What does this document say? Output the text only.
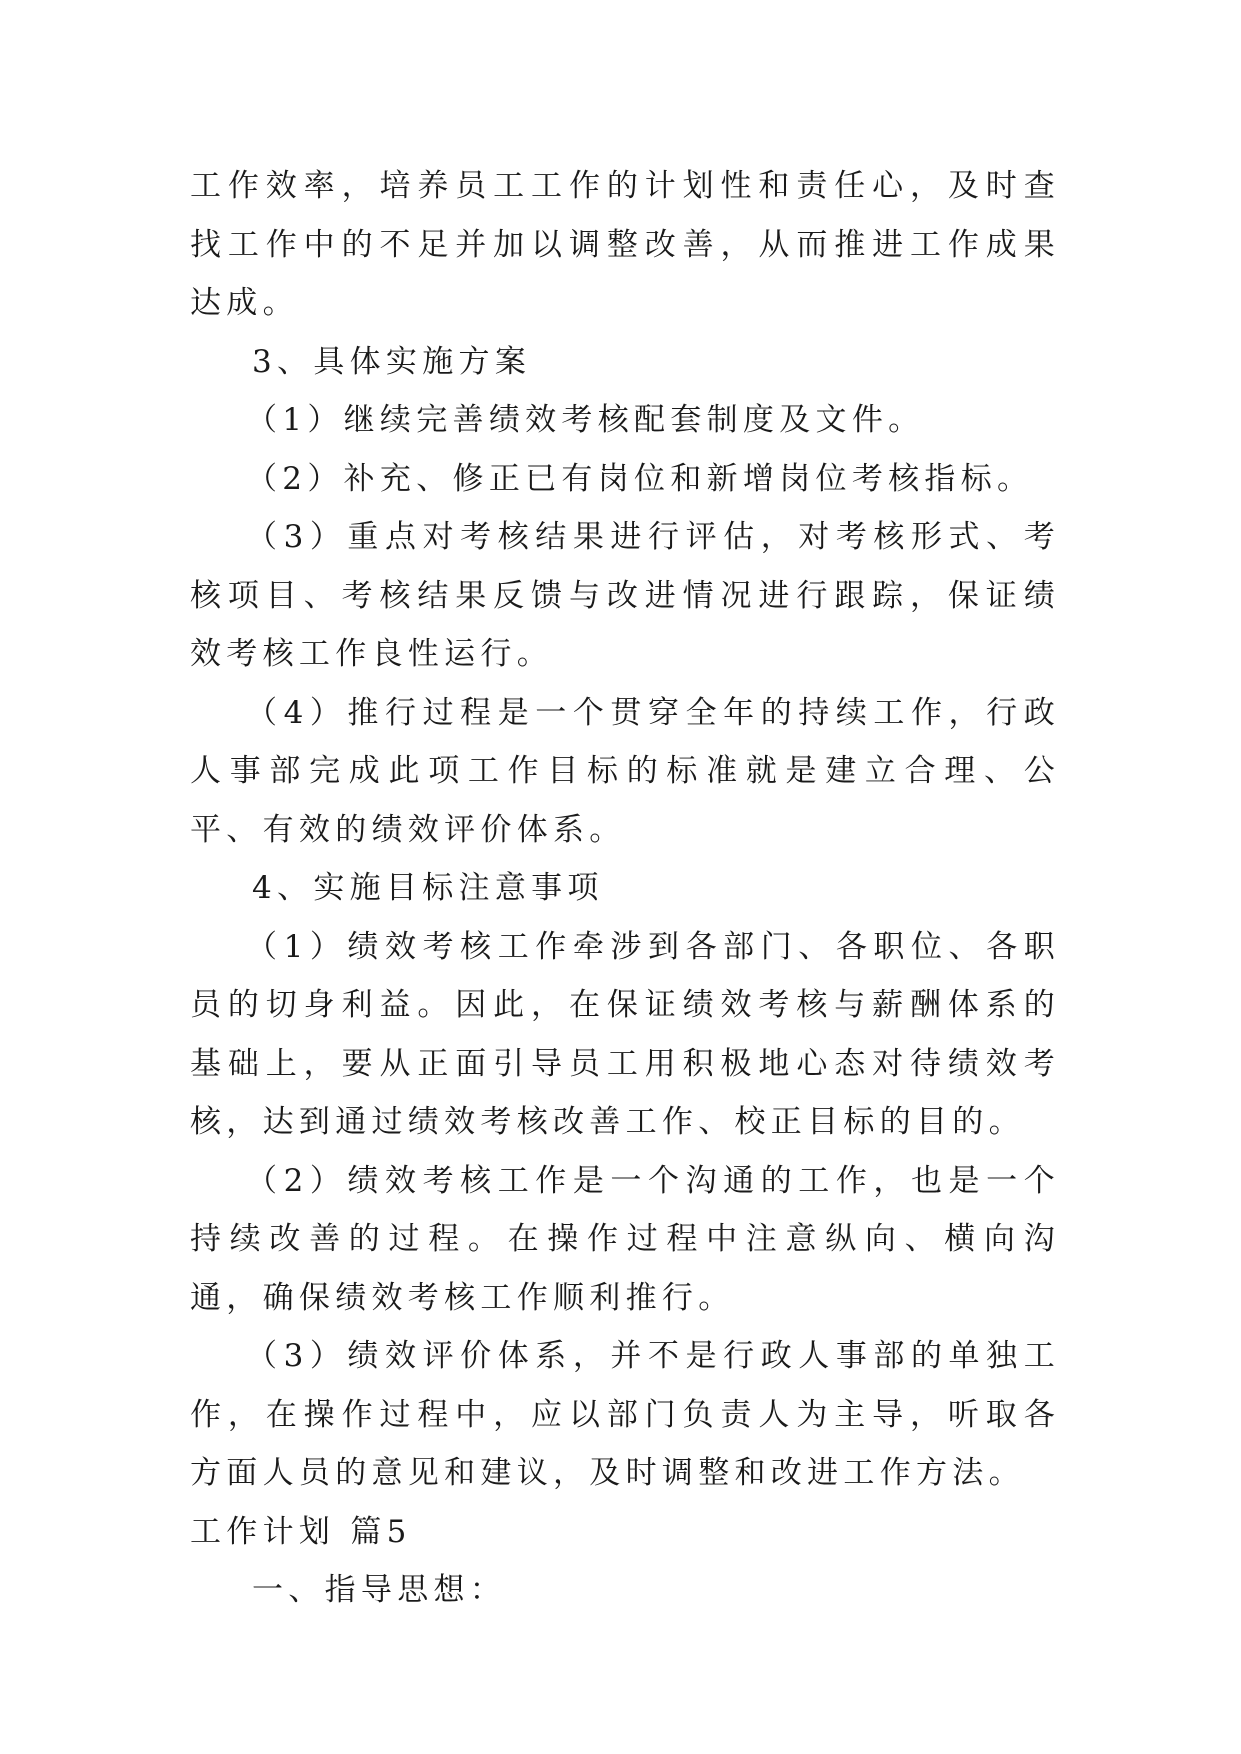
工作效率，培养员工工作的计划性和责任心，及时查找工作中的不足并加以调整改善，从而推进工作成果达成。

3、具体实施方案

（1）继续完善绩效考核配套制度及文件。

（2）补充、修正已有岗位和新增岗位考核指标。

（3）重点对考核结果进行评估，对考核形式、考核项目、考核结果反馈与改进情况进行跟踪，保证绩效考核工作良性运行。

（4）推行过程是一个贯穿全年的持续工作，行政人事部完成此项工作目标的标准就是建立合理、公平、有效的绩效评价体系。

4、实施目标注意事项

（1）绩效考核工作牵涉到各部门、各职位、各职员的切身利益。因此，在保证绩效考核与薪酬体系的基础上，要从正面引导员工用积极地心态对待绩效考核，达到通过绩效考核改善工作、校正目标的目的。

（2）绩效考核工作是一个沟通的工作，也是一个持续改善的过程。在操作过程中注意纵向、横向沟通，确保绩效考核工作顺利推行。

（3）绩效评价体系，并不是行政人事部的单独工作，在操作过程中，应以部门负责人为主导，听取各方面人员的意见和建议，及时调整和改进工作方法。

工作计划 篇5

一、指导思想：
